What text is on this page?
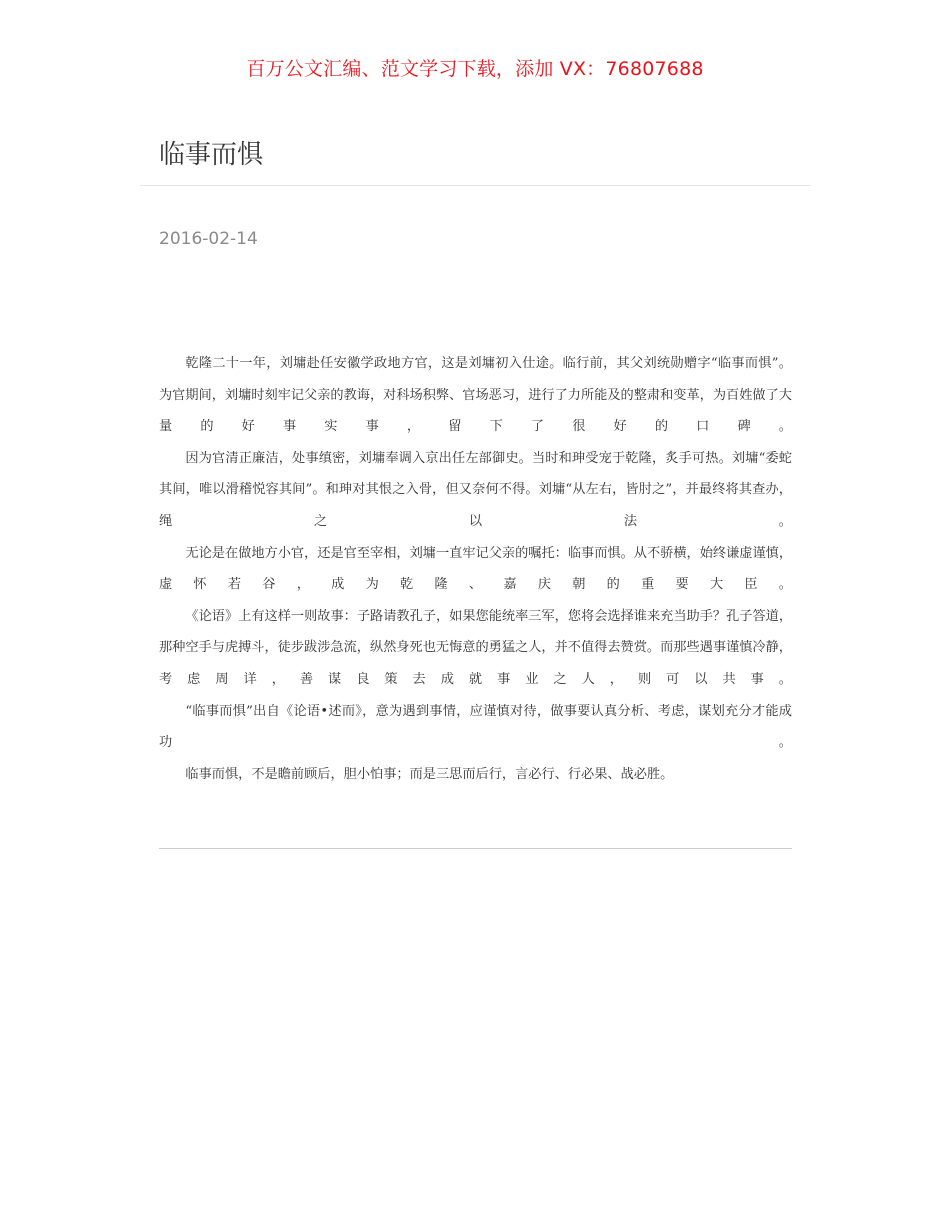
百万公文汇编、范文学习下载，添加 VX：76807688
临事而惧
2016-02-14

乾隆二十一年，刘墉赴任安徽学政地方官，这是刘墉初入仕途。临行前，其父刘统勋赠字“临事而惧”。为官期间，刘墉时刻牢记父亲的教诲，对科场积弊、官场恶习，进行了力所能及的整肃和变革，为百姓做了大量的好事实事，留下了很好的口碑。

因为官清正廉洁，处事缜密，刘墉奉调入京出任左部御史。当时和珅受宠于乾隆，炙手可热。刘墉“委蛇其间，唯以滑稽悦容其间”。和珅对其恨之入骨，但又奈何不得。刘墉“从左右，皆肘之”，并最终将其查办，绳之以法。

无论是在做地方小官，还是官至宰相，刘墉一直牢记父亲的嘱托：临事而惧。从不骄横，始终谦虚谨慎，虚怀若谷，成为乾隆、嘉庆朝的重要大臣。

《论语》上有这样一则故事：子路请教孔子，如果您能统率三军，您将会选择谁来充当助手？孔子答道，那种空手与虎搏斗，徒步跋涉急流，纵然身死也无悔意的勇猛之人，并不值得去赞赏。而那些遇事谨慎冷静，考虑周详，善谋良策去成就事业之人，则可以共事。

“临事而惧”出自《论语•述而》，意为遇到事情，应谨慎对待，做事要认真分析、考虑，谋划充分才能成功。

临事而惧，不是瞻前顾后，胆小怕事；而是三思而后行，言必行、行必果、战必胜。
